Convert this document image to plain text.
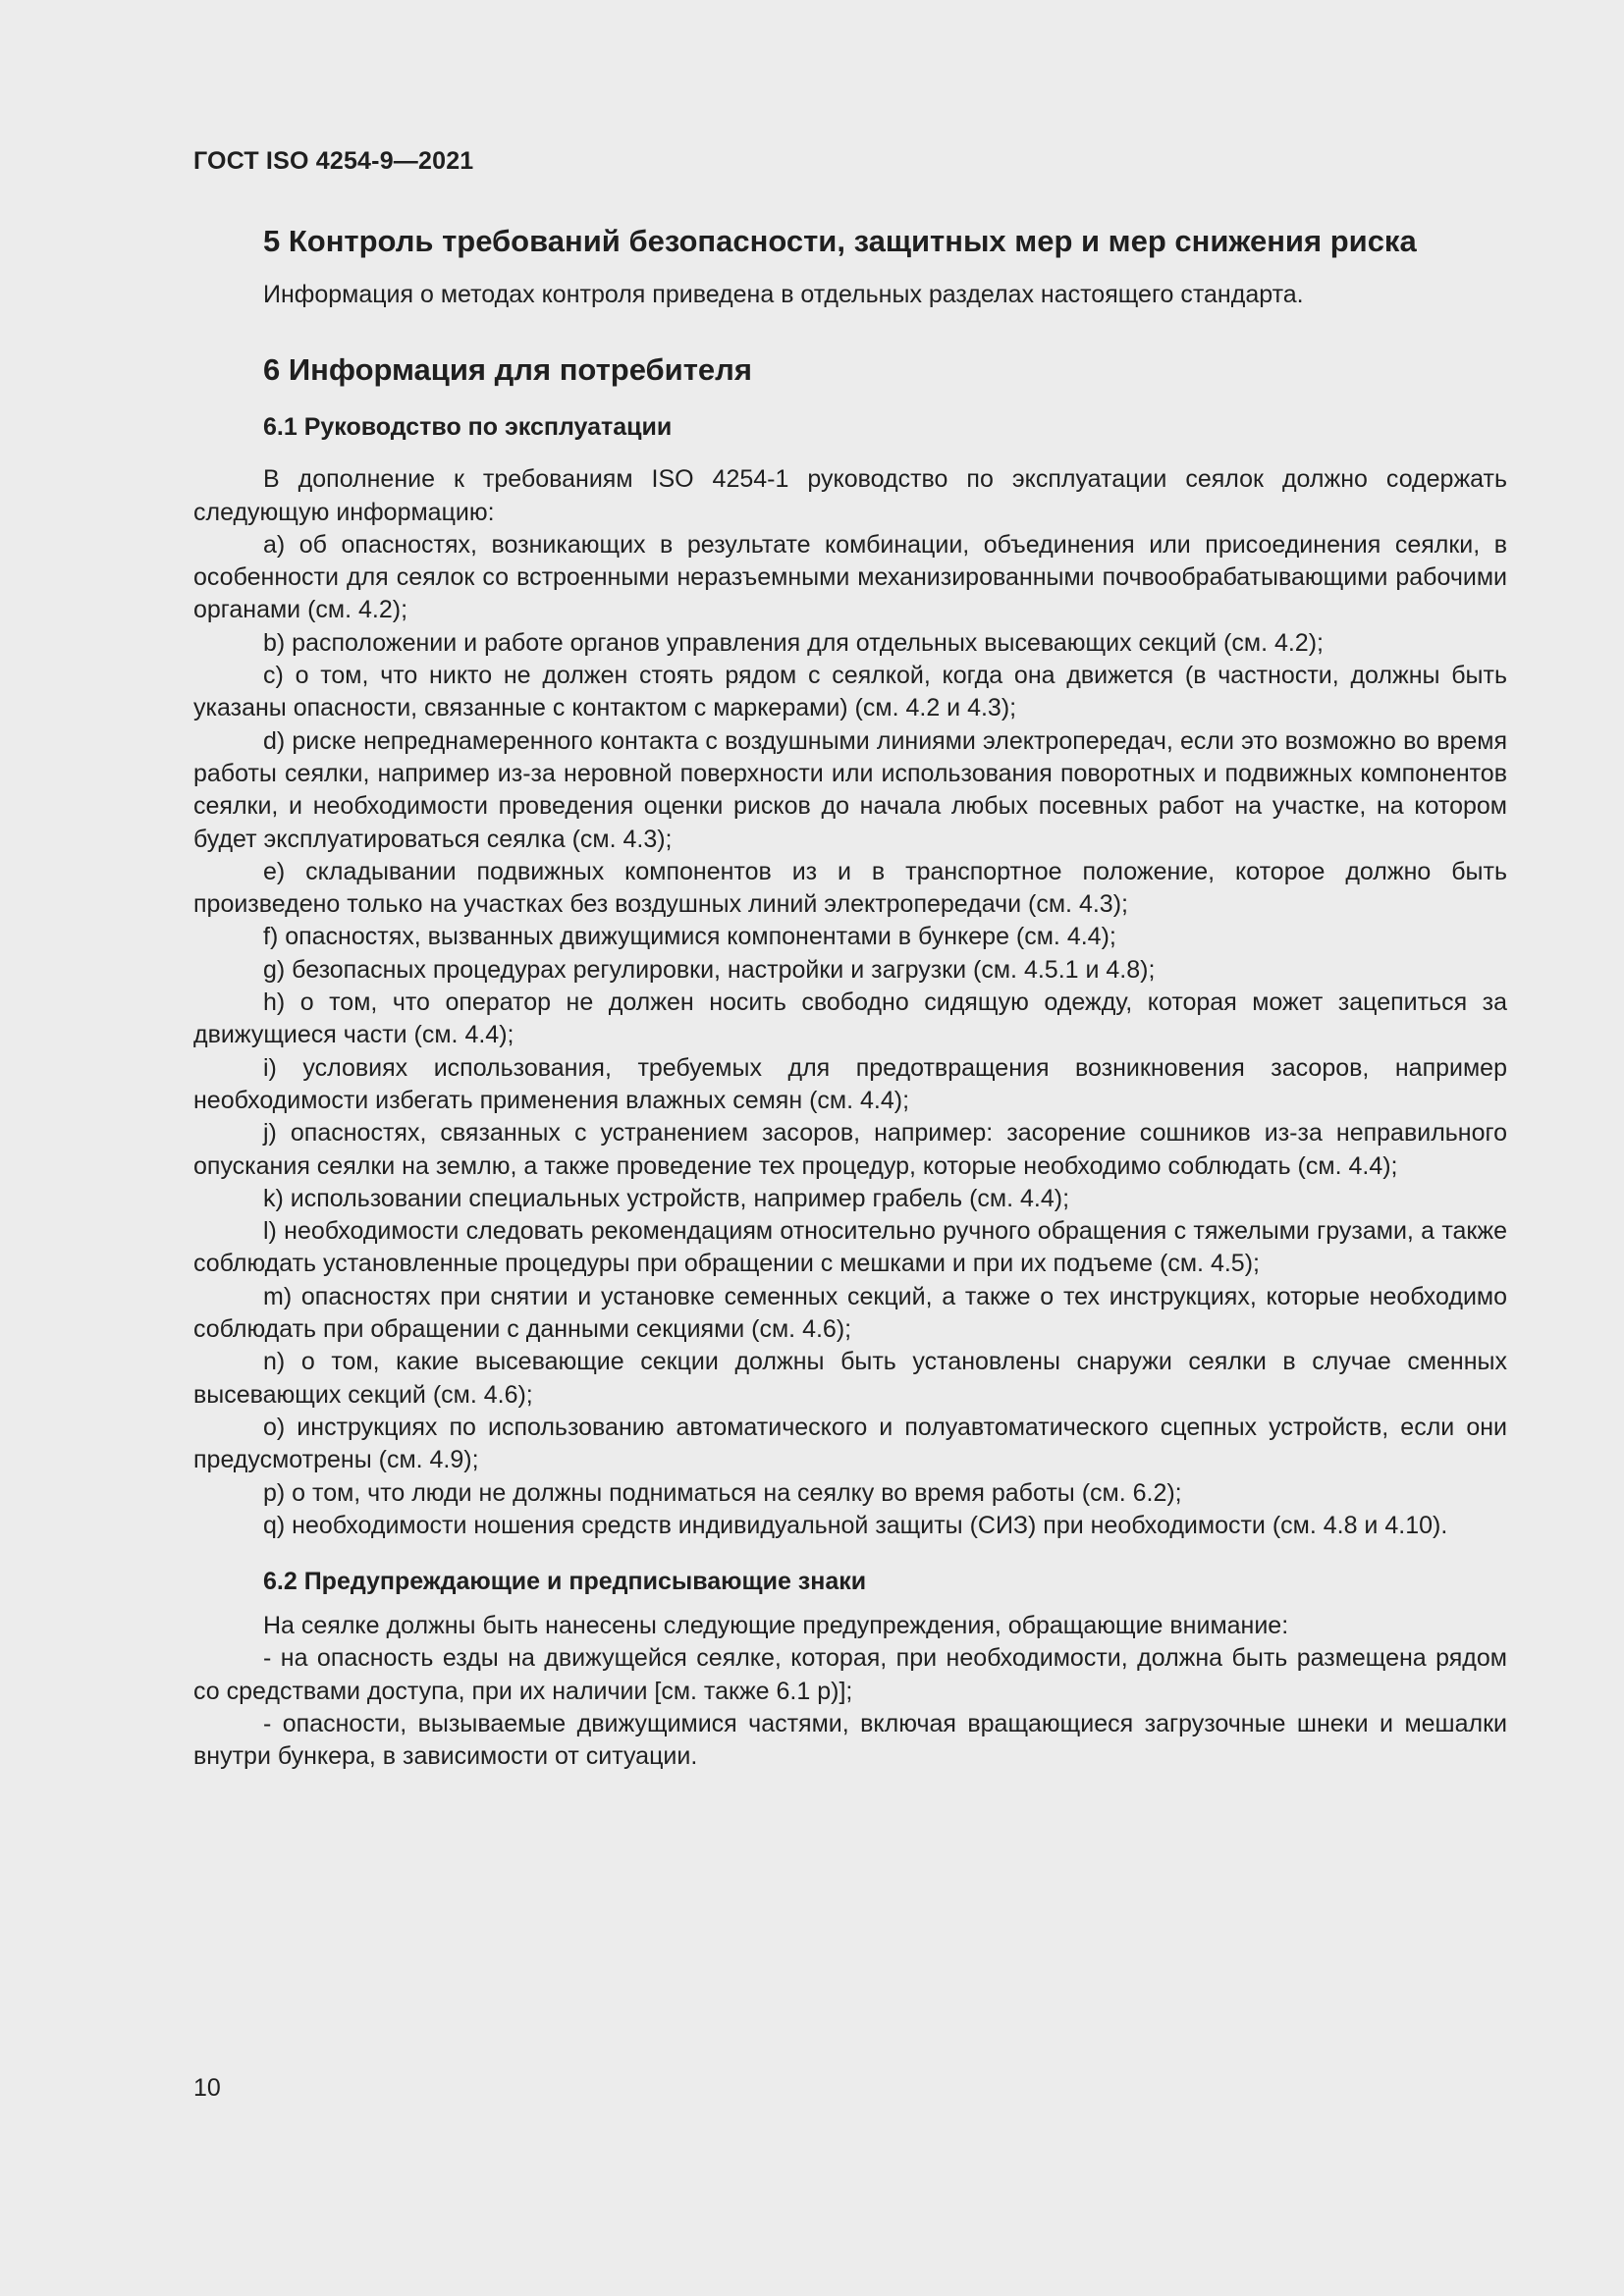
ГОСТ ISO 4254-9—2021
5 Контроль требований безопасности, защитных мер и мер снижения риска

Информация о методах контроля приведена в отдельных разделах настоящего стандарта.

6 Информация для потребителя
6.1 Руководство по эксплуатации

В дополнение к требованиям ISO 4254-1 руководство по эксплуатации сеялок должно содержать следующую информацию:

a) об опасностях, возникающих в результате комбинации, объединения или присоединения сеялки, в особенности для сеялок со встроенными неразъемными механизированными почвообрабатывающими рабочими органами (см. 4.2);

b) расположении и работе органов управления для отдельных высевающих секций (см. 4.2);

c) о том, что никто не должен стоять рядом с сеялкой, когда она движется (в частности, должны быть указаны опасности, связанные с контактом с маркерами) (см. 4.2 и 4.3);

d) риске непреднамеренного контакта с воздушными линиями электропередач, если это возможно во время работы сеялки, например из-за неровной поверхности или использования поворотных и подвижных компонентов сеялки, и необходимости проведения оценки рисков до начала любых посевных работ на участке, на котором будет эксплуатироваться сеялка (см. 4.3);

e) складывании подвижных компонентов из и в транспортное положение, которое должно быть произведено только на участках без воздушных линий электропередачи (см. 4.3);

f) опасностях, вызванных движущимися компонентами в бункере (см. 4.4);

g) безопасных процедурах регулировки, настройки и загрузки (см. 4.5.1 и 4.8);

h) о том, что оператор не должен носить свободно сидящую одежду, которая может зацепиться за движущиеся части (см. 4.4);

i) условиях использования, требуемых для предотвращения возникновения засоров, например необходимости избегать применения влажных семян (см. 4.4);

j) опасностях, связанных с устранением засоров, например: засорение сошников из-за неправильного опускания сеялки на землю, а также проведение тех процедур, которые необходимо соблюдать (см. 4.4);

k) использовании специальных устройств, например грабель (см. 4.4);

l) необходимости следовать рекомендациям относительно ручного обращения с тяжелыми грузами, а также соблюдать установленные процедуры при обращении с мешками и при их подъеме (см. 4.5);

m) опасностях при снятии и установке семенных секций, а также о тех инструкциях, которые необходимо соблюдать при обращении с данными секциями (см. 4.6);

n) о том, какие высевающие секции должны быть установлены снаружи сеялки в случае сменных высевающих секций (см. 4.6);

o) инструкциях по использованию автоматического и полуавтоматического сцепных устройств, если они предусмотрены (см. 4.9);

p) о том, что люди не должны подниматься на сеялку во время работы (см. 6.2);

q) необходимости ношения средств индивидуальной защиты (СИЗ) при необходимости (см. 4.8 и 4.10).

6.2 Предупреждающие и предписывающие знаки

На сеялке должны быть нанесены следующие предупреждения, обращающие внимание:

- на опасность езды на движущейся сеялке, которая, при необходимости, должна быть размещена рядом со средствами доступа, при их наличии [см. также 6.1 p)];

- опасности, вызываемые движущимися частями, включая вращающиеся загрузочные шнеки и мешалки внутри бункера, в зависимости от ситуации.

10
